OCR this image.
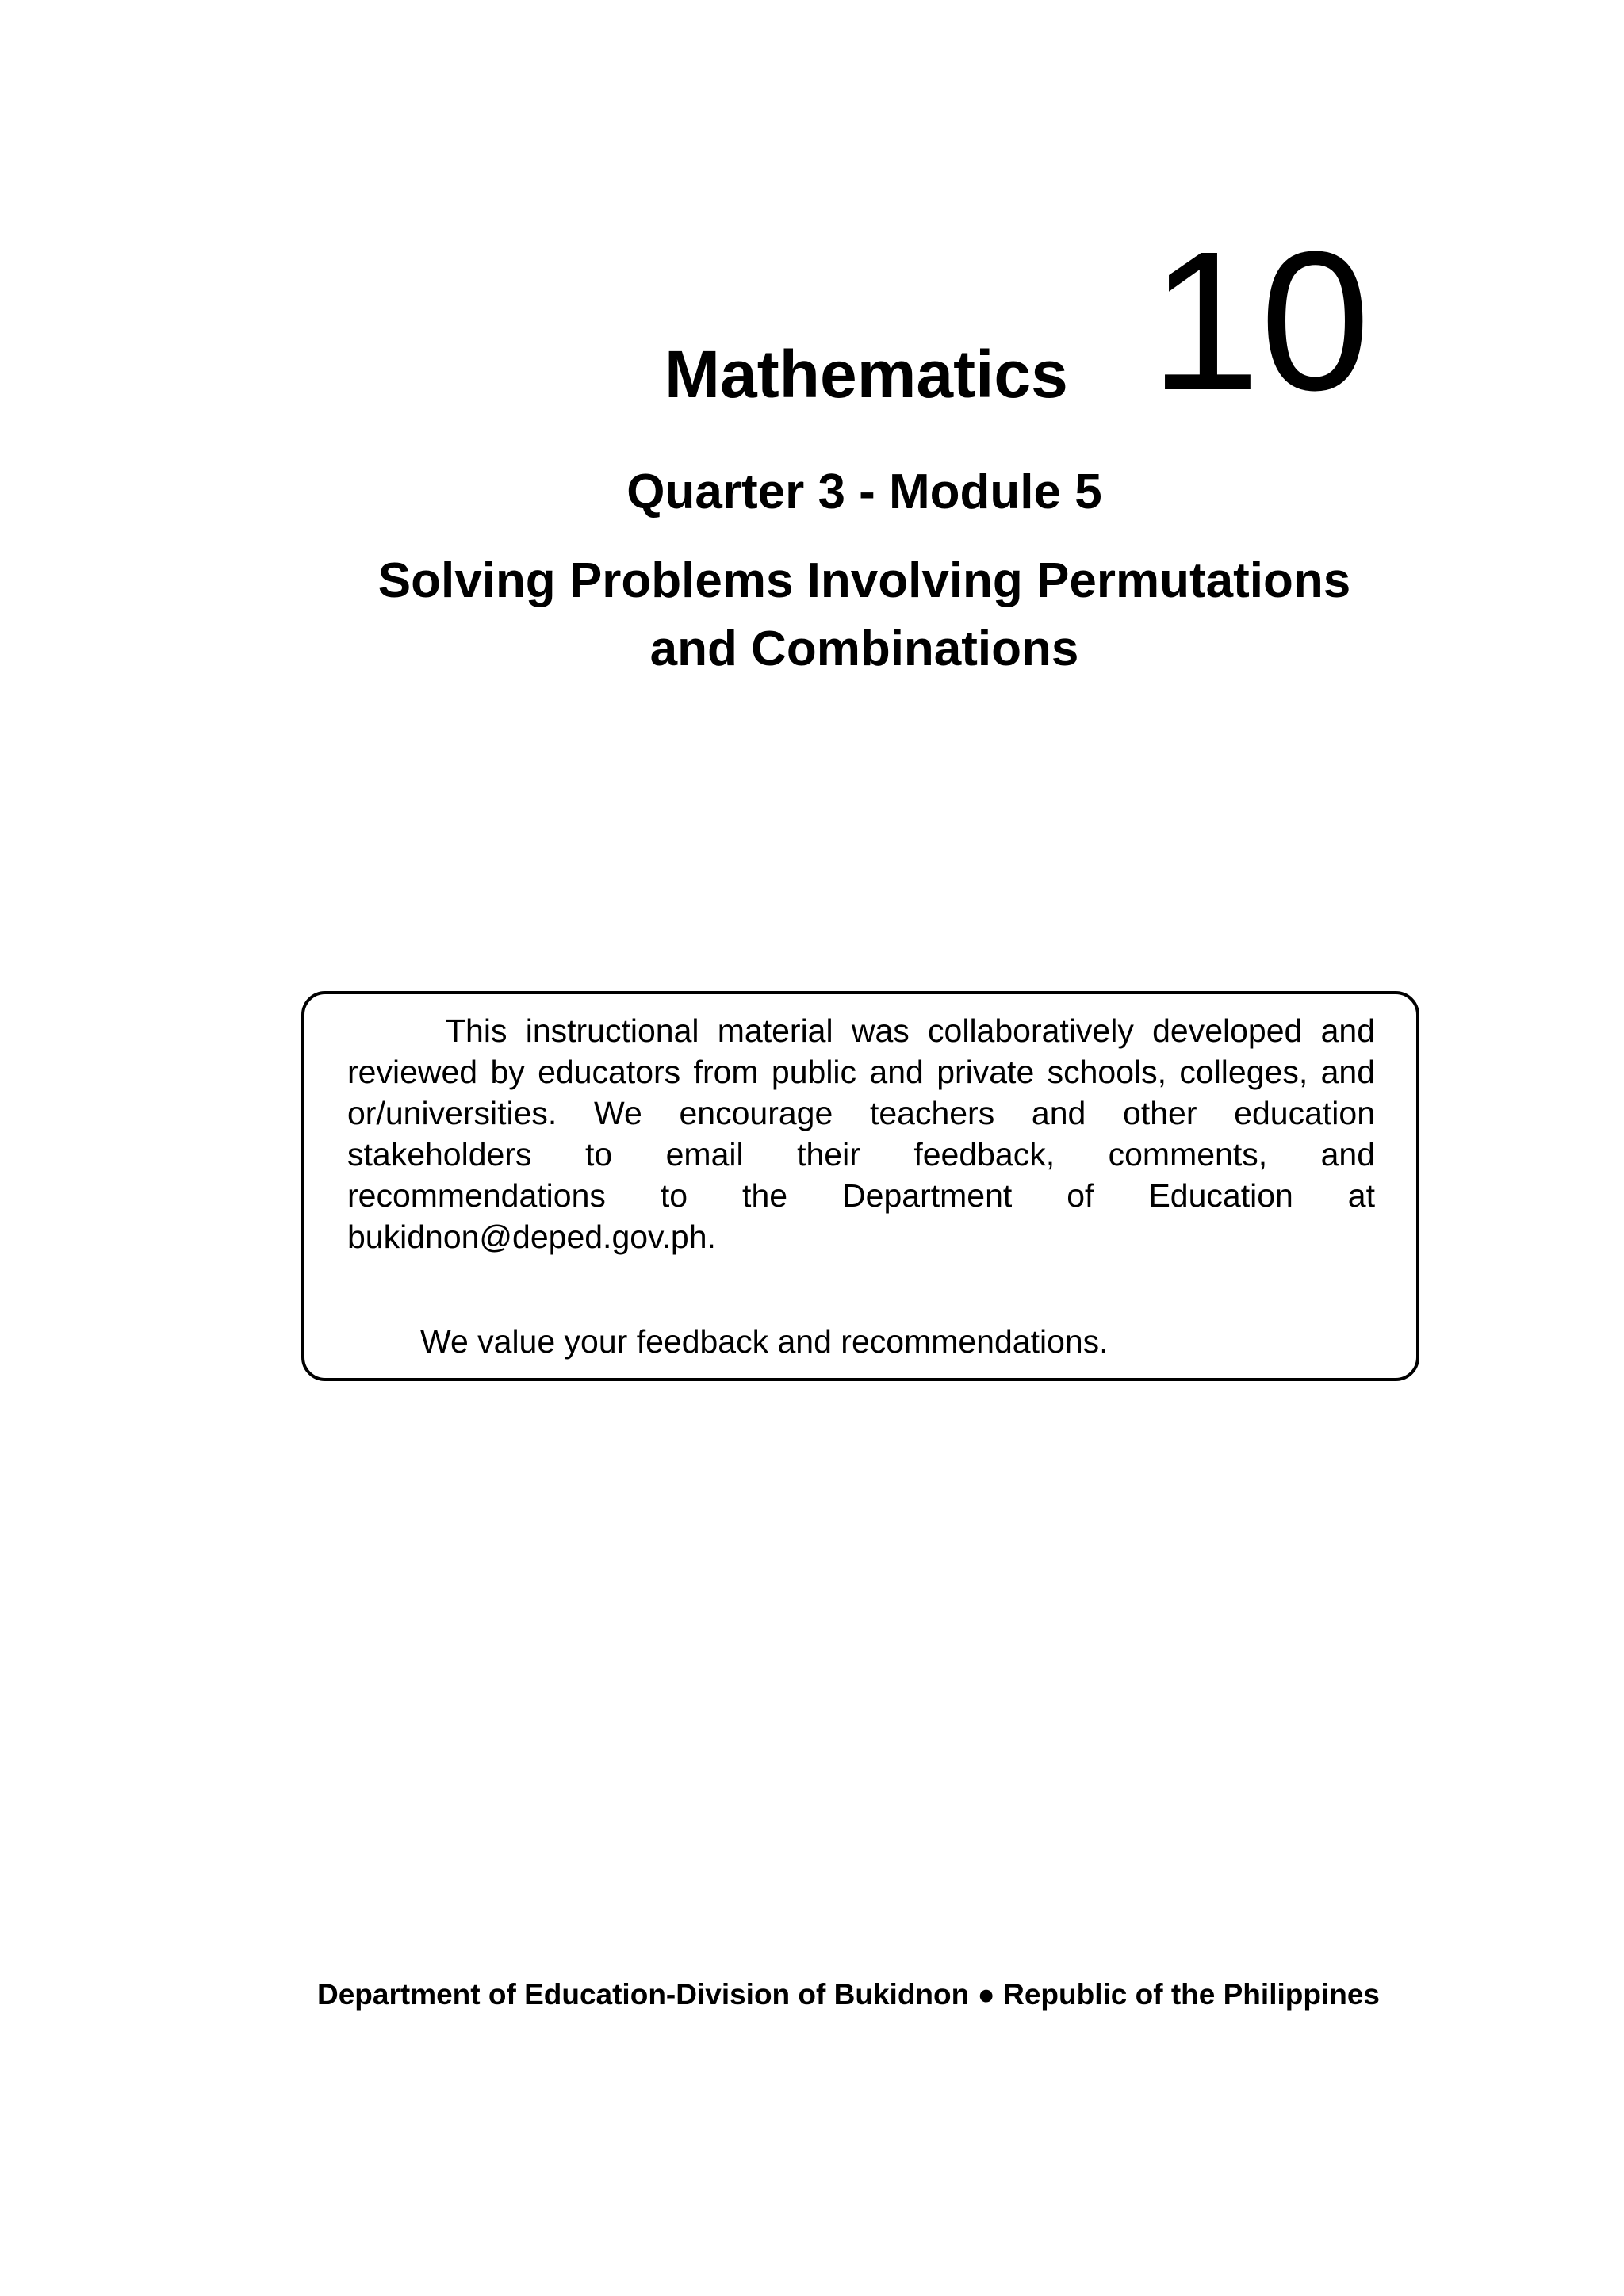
Mathematics 10
Quarter 3 - Module 5
Solving Problems Involving Permutations
and Combinations

This instructional material was collaboratively developed and reviewed by educators from public and private schools, colleges, and or/universities. We encourage teachers and other education stakeholders to email their feedback, comments, and recommendations to the Department of Education at bukidnon@deped.gov.ph.

We value your feedback and recommendations.

Department of Education-Division of Bukidnon ● Republic of the Philippines
